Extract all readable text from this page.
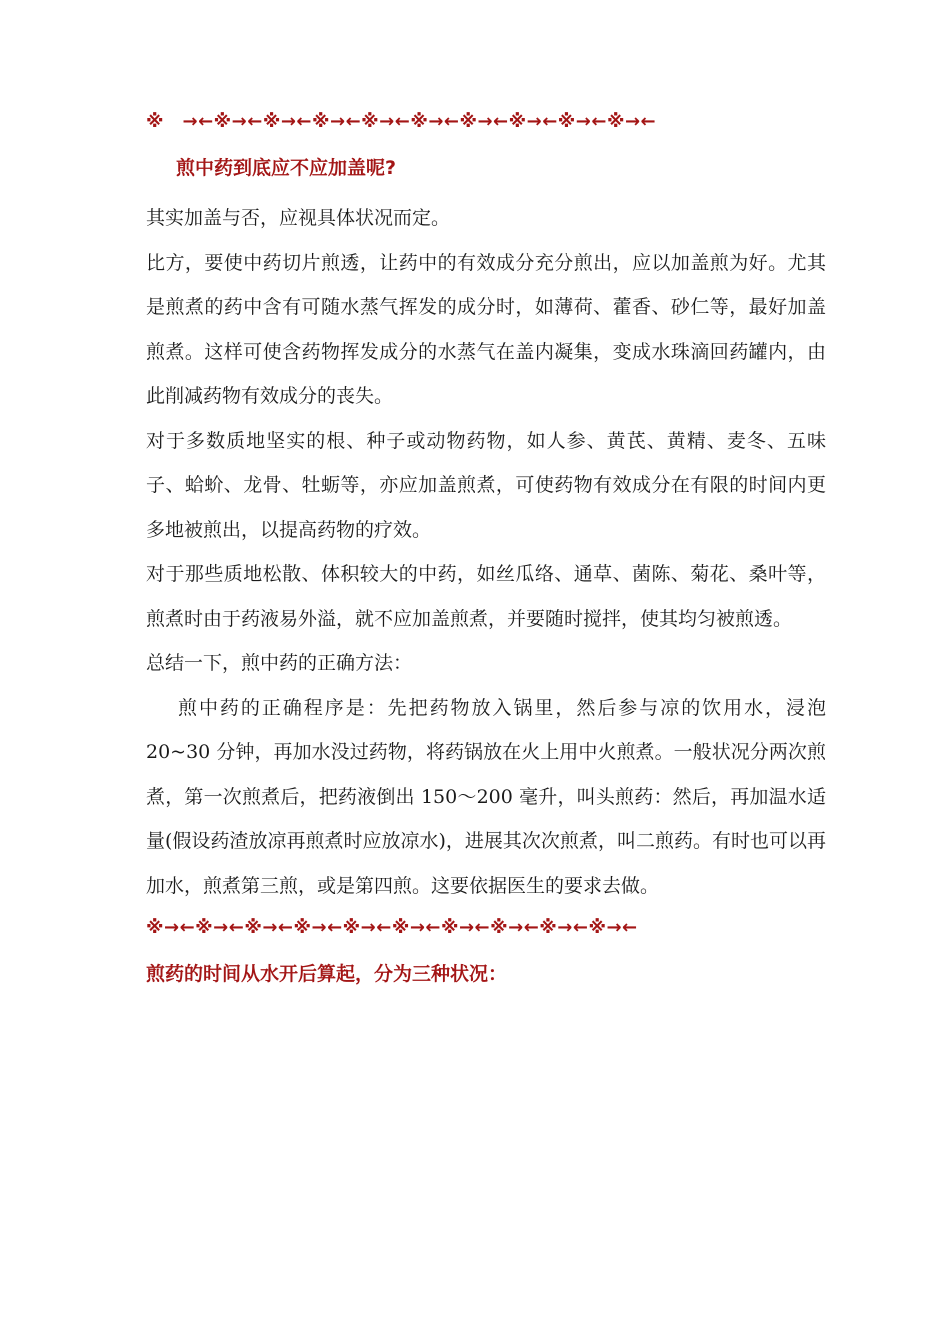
※　→←※→←※→←※→←※→←※→←※→←※→←※→←※→←
煎中药到底应不应加盖呢?

其实加盖与否，应视具体状况而定。

比方，要使中药切片煎透，让药中的有效成分充分煎出，应以加盖煎为好。尤其是煎煮的药中含有可随水蒸气挥发的成分时，如薄荷、藿香、砂仁等，最好加盖煎煮。这样可使含药物挥发成分的水蒸气在盖内凝集，变成水珠滴回药罐内，由此削减药物有效成分的丧失。

对于多数质地坚实的根、种子或动物药物，如人参、黄芪、黄精、麦冬、五味子、蛤蚧、龙骨、牡蛎等，亦应加盖煎煮，可使药物有效成分在有限的时间内更多地被煎出，以提高药物的疗效。

对于那些质地松散、体积较大的中药，如丝瓜络、通草、菌陈、菊花、桑叶等，煎煮时由于药液易外溢，就不应加盖煎煮，并要随时搅拌，使其均匀被煎透。

总结一下，煎中药的正确方法：

煎中药的正确程序是：先把药物放入锅里，然后参与凉的饮用水，浸泡 20~30 分钟，再加水没过药物，将药锅放在火上用中火煎煮。一般状况分两次煎煮，第一次煎煮后，把药液倒出 150～200 毫升，叫头煎药：然后，再加温水适量(假设药渣放凉再煎煮时应放凉水)，进展其次次煎煮，叫二煎药。有时也可以再加水，煎煮第三煎，或是第四煎。这要依据医生的要求去做。

※→←※→←※→←※→←※→←※→←※→←※→←※→←※→←
煎药的时间从水开后算起，分为三种状况：
